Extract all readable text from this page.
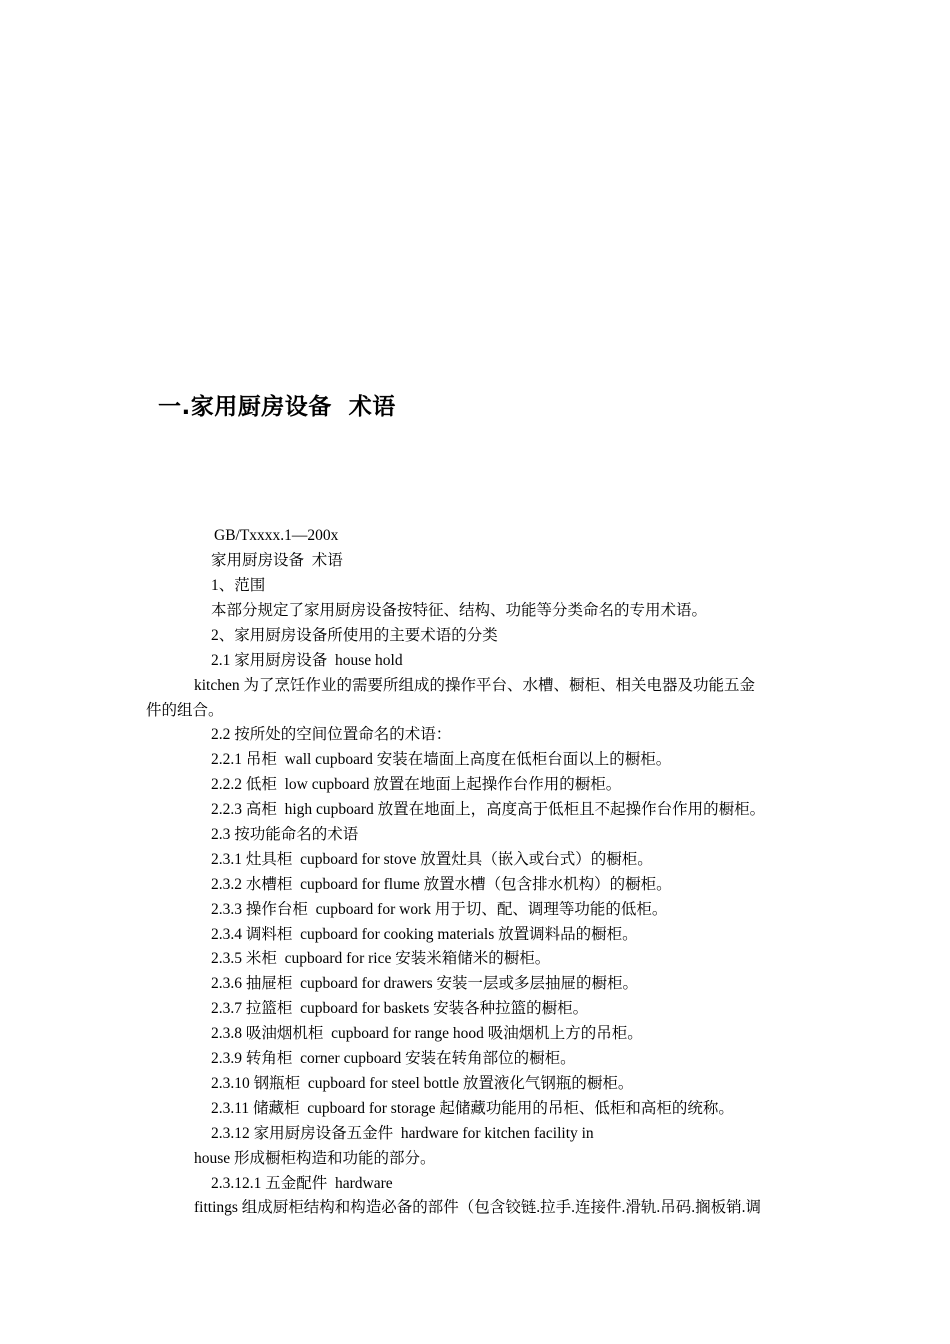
一.家用厨房设备  术语

GB/Txxxx.1—200x

家用厨房设备  术语

1、范围

本部分规定了家用厨房设备按特征、结构、功能等分类命名的专用术语。

2、家用厨房设备所使用的主要术语的分类

2.1 家用厨房设备  house hold

kitchen 为了烹饪作业的需要所组成的操作平台、水槽、橱柜、相关电器及功能五金

件的组合。

2.2 按所处的空间位置命名的术语：

2.2.1 吊柜  wall cupboard 安装在墙面上高度在低柜台面以上的橱柜。

2.2.2 低柜  low cupboard 放置在地面上起操作台作用的橱柜。

2.2.3 高柜  high cupboard 放置在地面上，高度高于低柜且不起操作台作用的橱柜。

2.3 按功能命名的术语

2.3.1 灶具柜  cupboard for stove 放置灶具（嵌入或台式）的橱柜。

2.3.2 水槽柜  cupboard for flume 放置水槽（包含排水机构）的橱柜。

2.3.3 操作台柜  cupboard for work 用于切、配、调理等功能的低柜。

2.3.4 调料柜  cupboard for cooking materials 放置调料品的橱柜。

2.3.5 米柜  cupboard for rice 安装米箱储米的橱柜。

2.3.6 抽屉柜  cupboard for drawers 安装一层或多层抽屉的橱柜。

2.3.7 拉篮柜  cupboard for baskets 安装各种拉篮的橱柜。

2.3.8 吸油烟机柜  cupboard for range hood 吸油烟机上方的吊柜。

2.3.9 转角柜  corner cupboard 安装在转角部位的橱柜。

2.3.10 钢瓶柜  cupboard for steel bottle 放置液化气钢瓶的橱柜。

2.3.11 储藏柜  cupboard for storage 起储藏功能用的吊柜、低柜和高柜的统称。

2.3.12 家用厨房设备五金件  hardware for kitchen facility in

house 形成橱柜构造和功能的部分。

2.3.12.1 五金配件  hardware

fittings 组成厨柜结构和构造必备的部件（包含铰链.拉手.连接件.滑轨.吊码.搁板销.调
